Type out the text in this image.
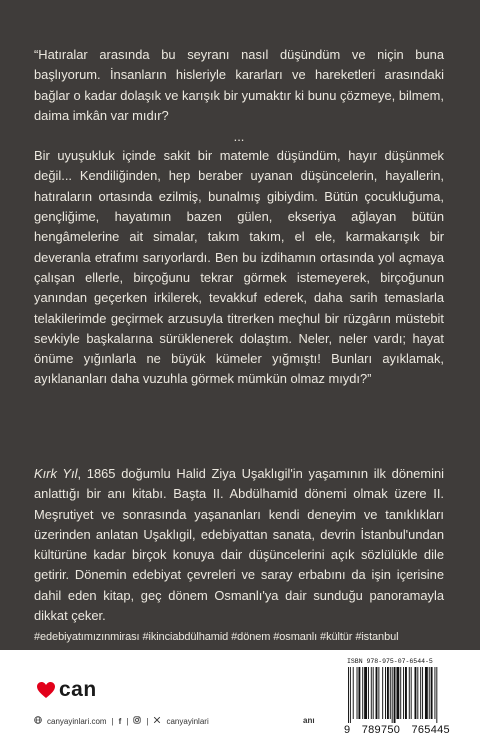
“Hatıralar arasında bu seyranı nasıl düşündüm ve niçin buna başlıyorum. İnsanların hisleriyle kararları ve hareketleri arasındaki bağlar o kadar dolaşık ve karışık bir yumaktır ki bunu çözmeye, bilmem, daima imkân var mıdır?

...

Bir uyuşukluk içinde sakit bir matemle düşündüm, hayır düşünmek değil... Kendiliğinden, hep beraber uyanan düşüncelerin, hayallerin, hatıraların ortasında ezilmiş, bunalmış gibiydim. Bütün çocukluğuma, gençliğime, hayatımın bazen gülen, ekseriya ağlayan bütün hengâmelerine ait simalar, takım takım, el ele, karmakarışık bir deveranla etrafımı sarıyorlardı. Ben bu izdihamın ortasında yol açmaya çalışan ellerle, birçoğunu tekrar görmek istemeyerek, birçoğunun yanından geçerken irkilerek, tevakkuf ederek, daha sarih temaslarla telakilerimde geçirmek arzusuyla titrerken meçhul bir rüzgârın müstebit sevkiyle başkalarına sürüklenerek dolaştım. Neler, neler vardı; hayat önüme yığınlarla ne büyük kümeler yığmıştı! Bunları ayıklamak, ayıklananları daha vuzuhla görmek mümkün olmaz mıydı?”

Kırk Yıl, 1865 doğumlu Halid Ziya Uşaklıgil'in yaşamının ilk dönemini anlattığı bir anı kitabı. Başta II. Abdülhamid dönemi olmak üzere II. Meşrutiyet ve sonrasında yaşananları kendi deneyim ve tanıklıkları üzerinden anlatan Uşaklıgil, edebiyattan sanata, devrin İstanbul'undan kültürüne kadar birçok konuya dair düşüncelerini açık sözlülükle dile getirir. Dönemin edebiyat çevreleri ve saray erbabını da işin içerisine dahil eden kitap, geç dönem Osmanlı'ya dair sunduğu panoramayla dikkat çeker.

#edebiyatımızınmirası #ikinciabdülhamid #dönem #osmanlı #kültür #istanbul
can
canyayinlari.com | f | | canyayinlari	anı
ISBN 978-975-07-6544-5
9 789750 765445
